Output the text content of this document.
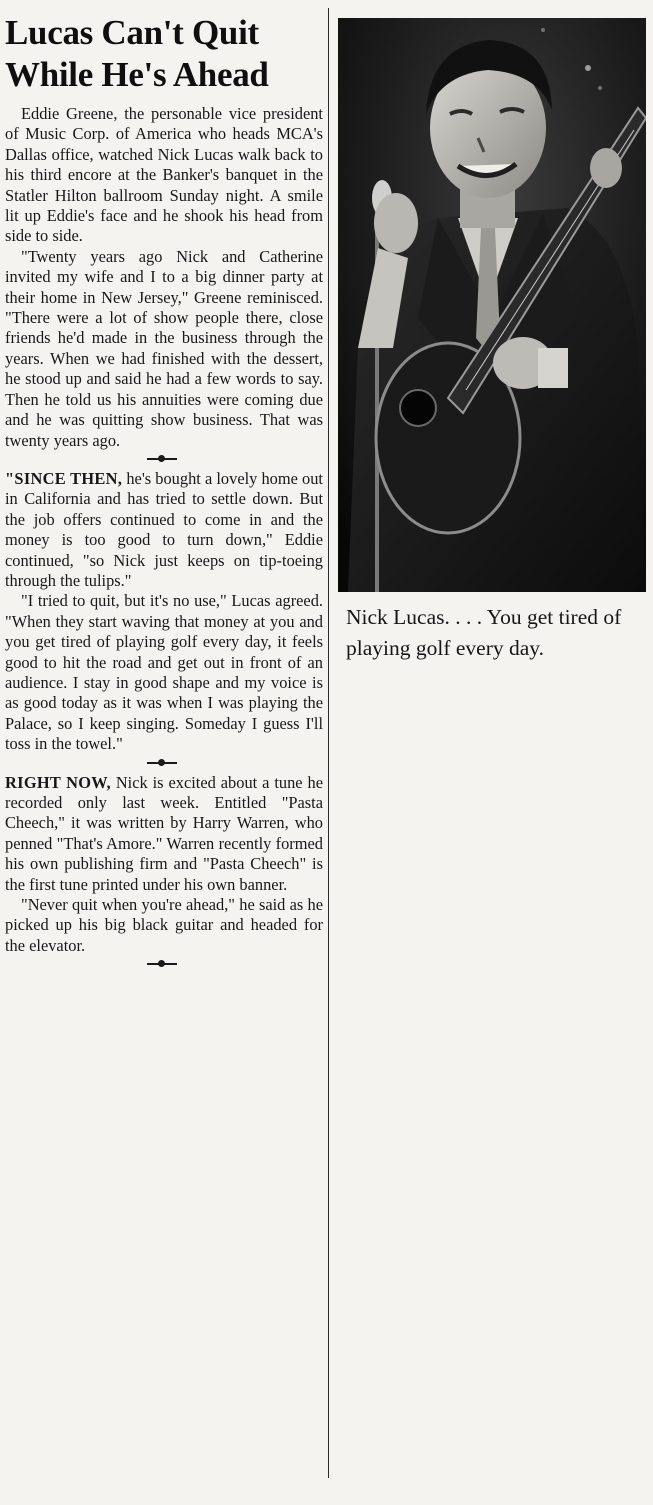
Lucas Can't Quit
While He's Ahead

Eddie Greene, the personable vice president of Music Corp. of America who heads MCA's Dallas office, watched Nick Lucas walk back to his third encore at the Banker's banquet in the Statler Hilton ballroom Sunday night. A smile lit up Eddie's face and he shook his head from side to side.

"Twenty years ago Nick and Catherine invited my wife and I to a big dinner party at their home in New Jersey," Greene reminisced. "There were a lot of show people there, close friends he'd made in the business through the years. When we had finished with the dessert, he stood up and said he had a few words to say. Then he told us his annuities were coming due and he was quitting show business. That was twenty years ago.

"SINCE THEN, he's bought a lovely home out in California and has tried to settle down. But the job offers continued to come in and the money is too good to turn down," Eddie continued, "so Nick just keeps on tip-toeing through the tulips."

"I tried to quit, but it's no use," Lucas agreed. "When they start waving that money at you and you get tired of playing golf every day, it feels good to hit the road and get out in front of an audience. I stay in good shape and my voice is as good today as it was when I was playing the Palace, so I keep singing. Someday I guess I'll toss in the towel."

RIGHT NOW, Nick is excited about a tune he recorded only last week. Entitled "Pasta Cheech," it was written by Harry Warren, who penned "That's Amore." Warren recently formed his own publishing firm and "Pasta Cheech" is the first tune printed under his own banner.

"Never quit when you're ahead," he said as he picked up his big black guitar and headed for the elevator.

Nick Lucas. . . . You get tired of playing golf every day.
